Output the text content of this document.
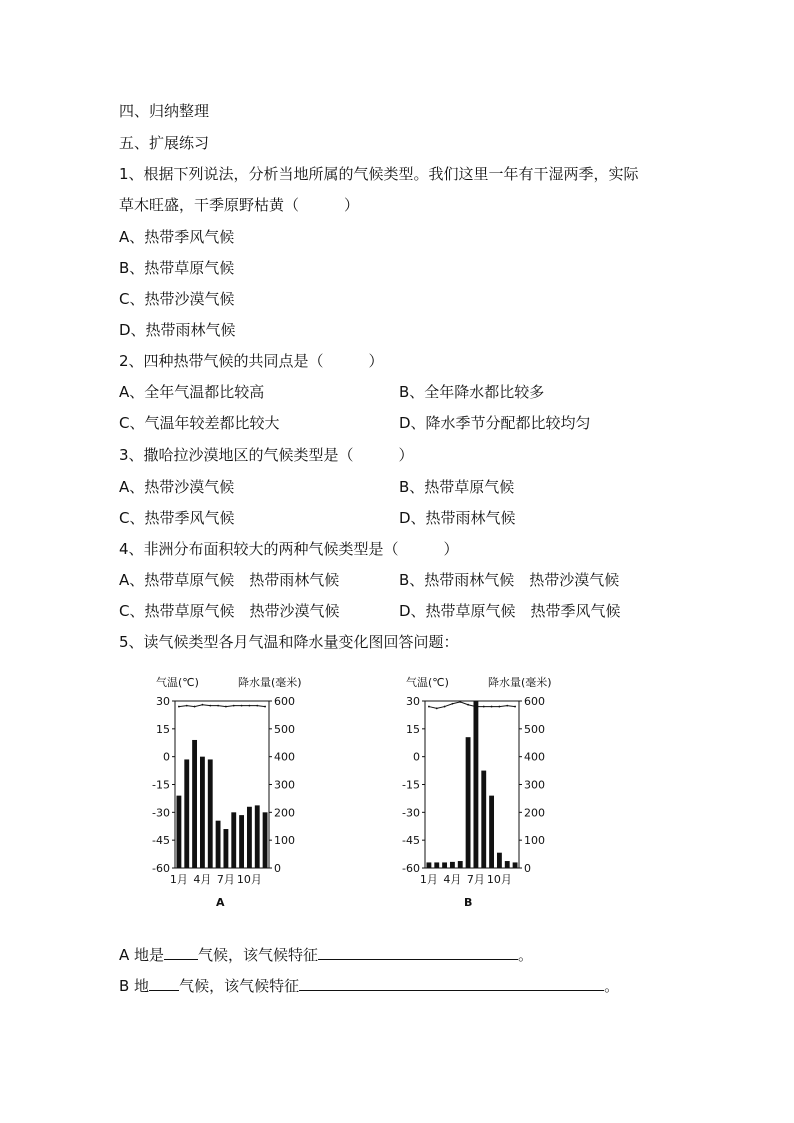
四、归纳整理
五、扩展练习
1、根据下列说法，分析当地所属的气候类型。我们这里一年有干湿两季，实际
草木旺盛，干季原野枯黄（　　　）
A、热带季风气候
B、热带草原气候
C、热带沙漠气候
D、热带雨林气候
2、四种热带气候的共同点是（　　　）
A、全年气温都比较高	B、全年降水都比较多
C、气温年较差都比较大	D、降水季节分配都比较均匀
3、撒哈拉沙漠地区的气候类型是（　　　）
A、热带沙漠气候	B、热带草原气候
C、热带季风气候	D、热带雨林气候
4、非洲分布面积较大的两种气候类型是（　　　）
A、热带草原气候　热带雨林气候	B、热带雨林气候　热带沙漠气候
C、热带草原气候　热带沙漠气候	D、热带草原气候　热带季风气候
5、读气候类型各月气温和降水量变化图回答问题：
气温(℃)	降水量(毫米)
A
30
15
0
-15
-30
-45
-60
600
500
400
300
200
100
0
1月 4月 7月 10月
气温(℃)	降水量(毫米)
B
30
15
0
-15
-30
-45
-60
600
500
400
300
200
100
0
1月 4月 7月 10月
A 地是 气候，该气候特征	。
B 地 气候，该气候特征	。
